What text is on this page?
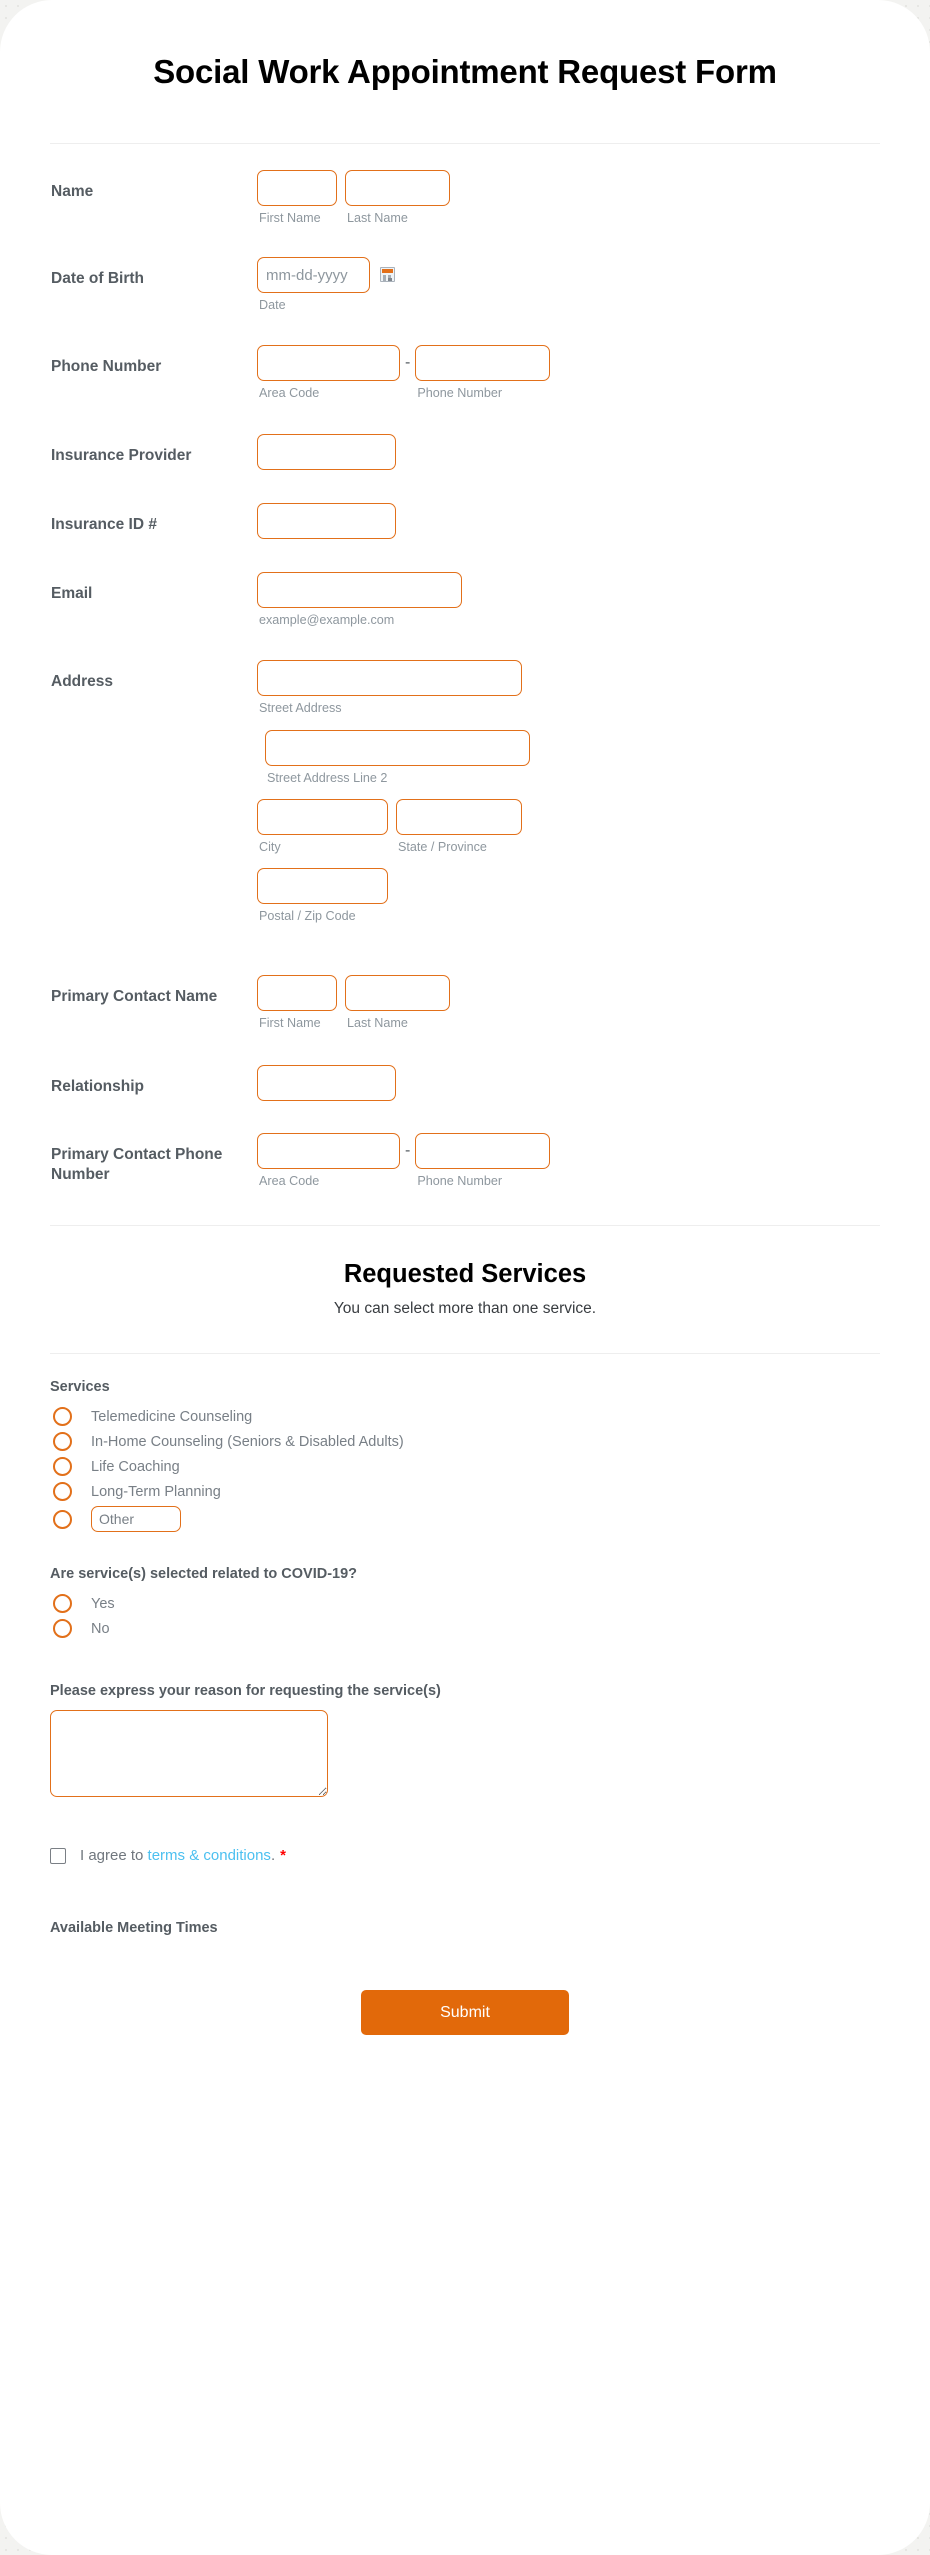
Social Work Appointment Request Form
Name
First Name	Last Name
Date of Birth
mm-dd-yyyy
Date
Phone Number
Area Code
-
Phone Number
Insurance Provider
Insurance ID #
Email
example@example.com
Address
Street Address
Street Address Line 2
City	State / Province
Postal / Zip Code
Primary Contact Name
First Name	Last Name
Relationship
Primary Contact Phone Number	Area Code
-
Phone Number
Requested Services
You can select more than one service.
Services
Telemedicine Counseling
In-Home Counseling (Seniors & Disabled Adults)
Life Coaching
Long-Term Planning
Other
Are service(s) selected related to COVID-19?
Yes
No
Please express your reason for requesting the service(s)
I agree to terms & conditions. *
Available Meeting Times
Submit
